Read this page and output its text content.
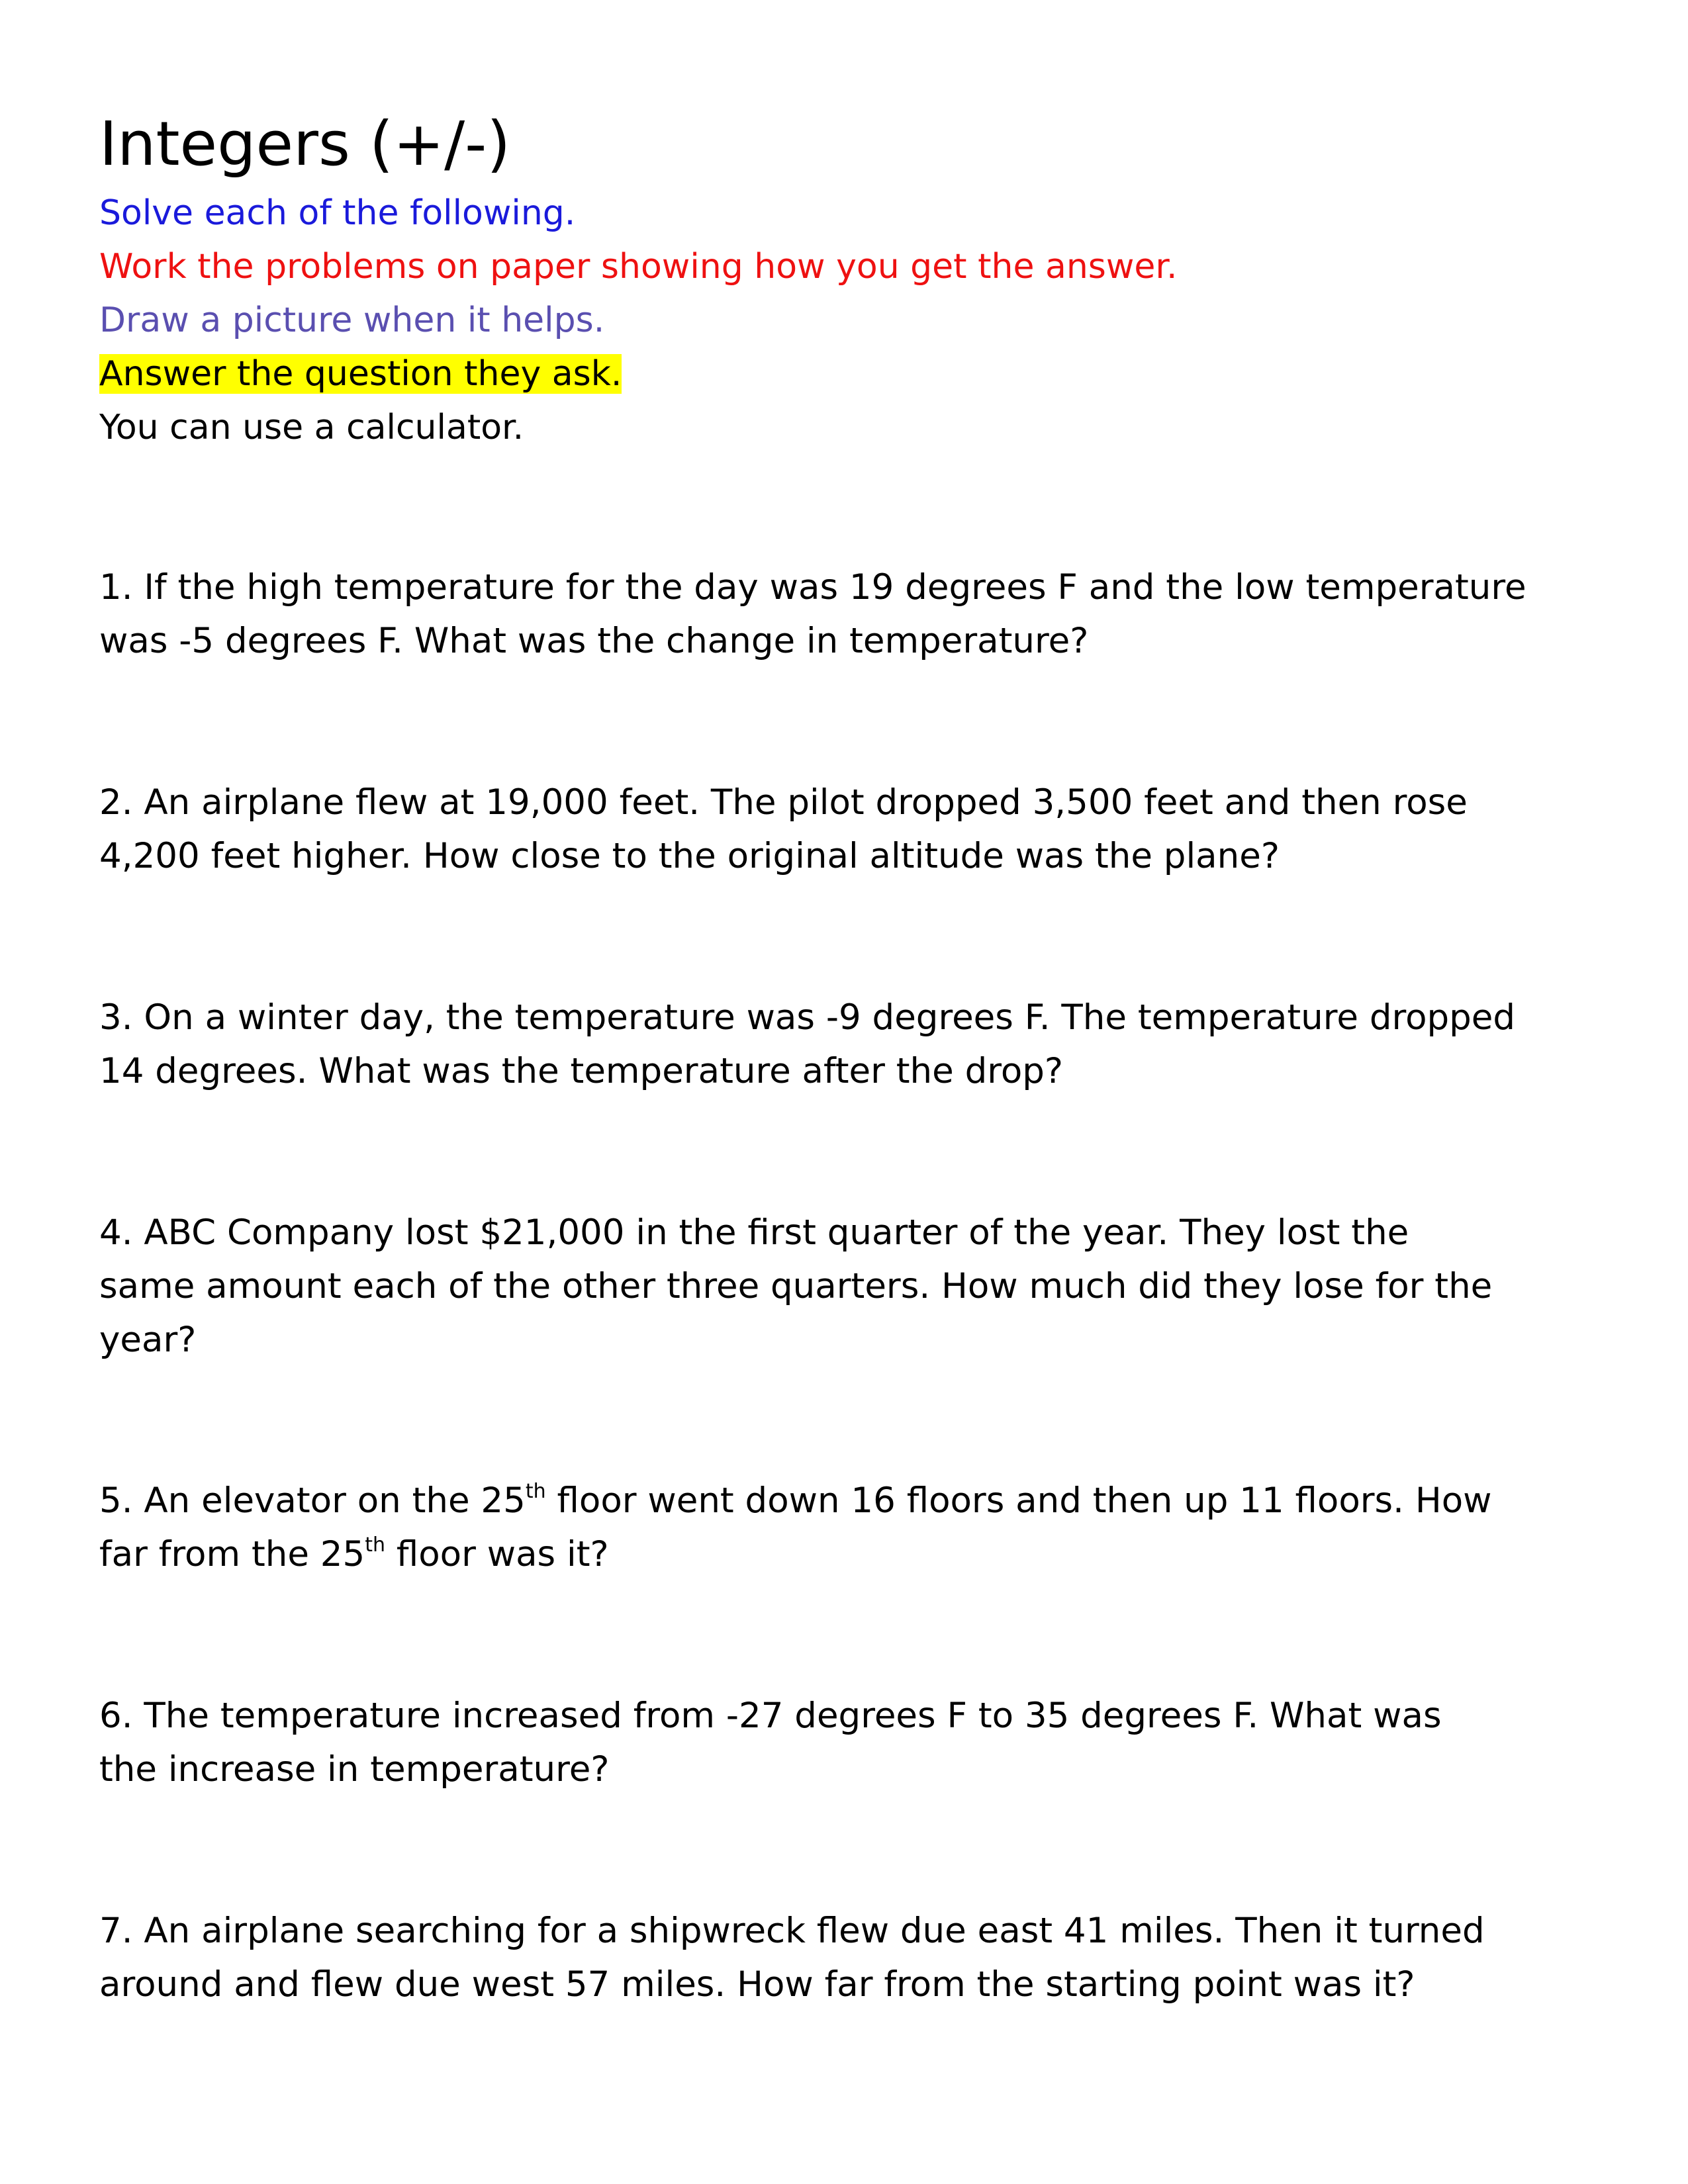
Integers (+/-)
Solve each of the following.
Work the problems on paper showing how you get the answer.
Draw a picture when it helps.
Answer the question they ask.
You can use a calculator.
1. If the high temperature for the day was 19 degrees F and the low temperature
was -5 degrees F. What was the change in temperature?
2. An airplane flew at 19,000 feet. The pilot dropped 3,500 feet and then rose
4,200 feet higher. How close to the original altitude was the plane?
3. On a winter day, the temperature was -9 degrees F. The temperature dropped
14 degrees. What was the temperature after the drop?
4. ABC Company lost $21,000 in the first quarter of the year. They lost the
same amount each of the other three quarters. How much did they lose for the
year?
5. An elevator on the 25th floor went down 16 floors and then up 11 floors. How
far from the 25th floor was it?
6. The temperature increased from -27 degrees F to 35 degrees F. What was
the increase in temperature?
7. An airplane searching for a shipwreck flew due east 41 miles. Then it turned
around and flew due west 57 miles. How far from the starting point was it?
